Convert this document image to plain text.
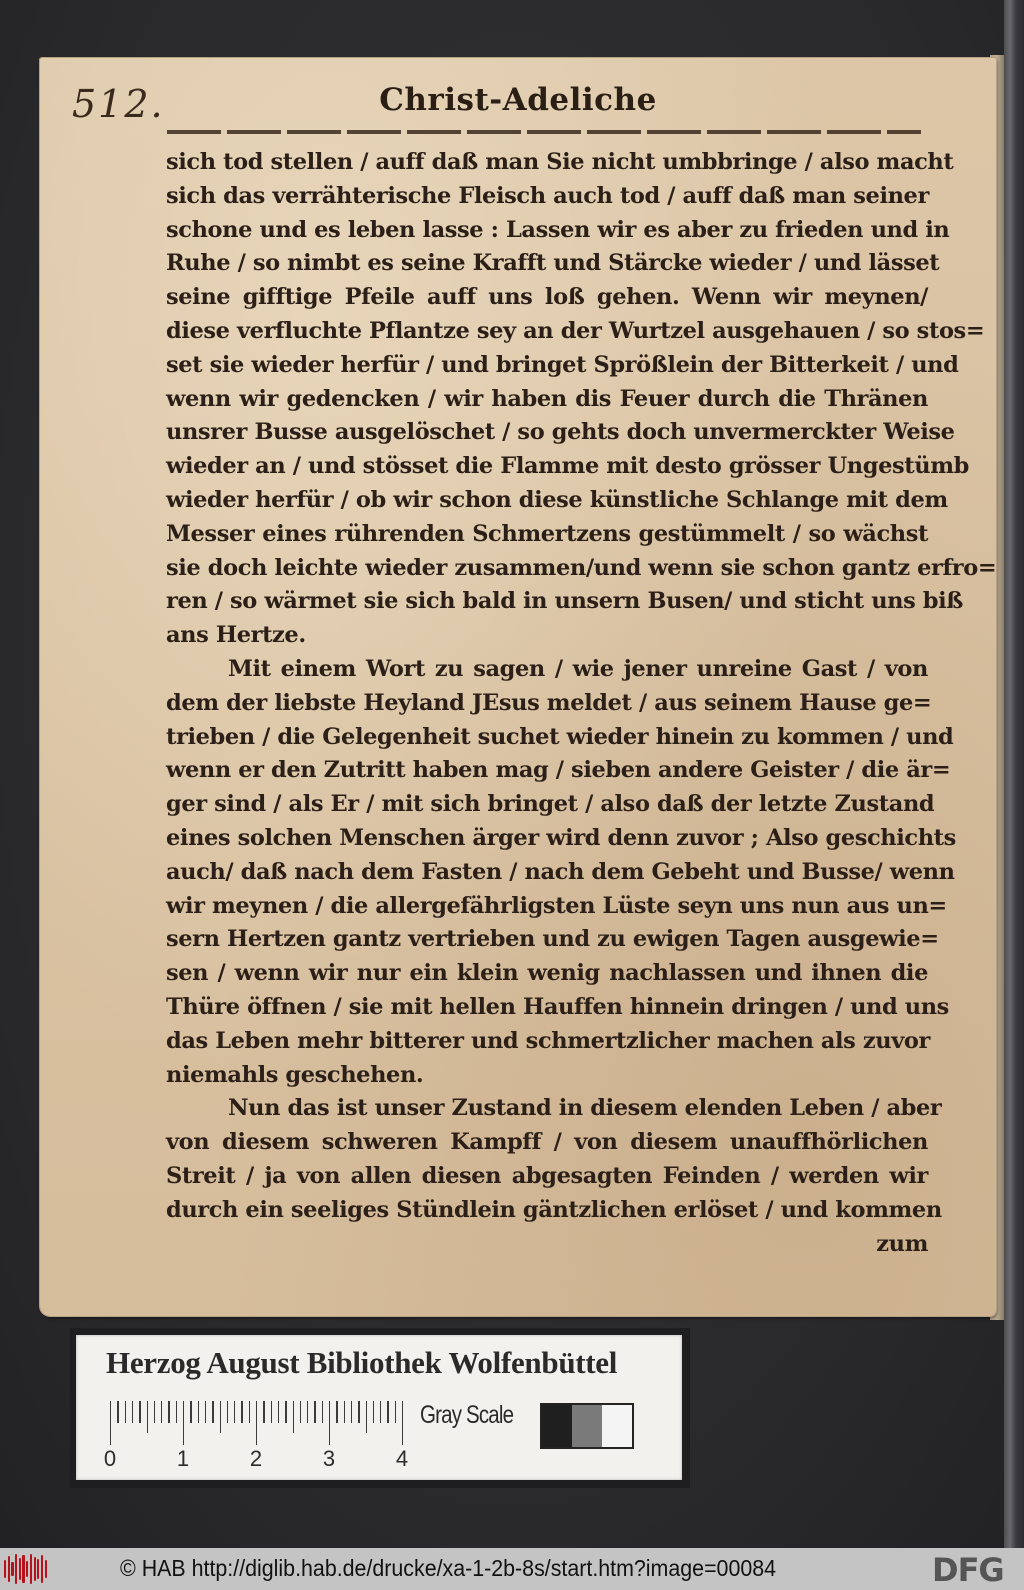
512.	Christ-Adeliche
sich tod stellen / auff daß man Sie nicht umbbringe / also macht
sich das verrähterische Fleisch auch tod / auff daß man seiner
schone und es leben lasse : Lassen wir es aber zu frieden und in
Ruhe / so nimbt es seine Krafft und Stärcke wieder / und lässet
seine gifftige Pfeile auff uns loß gehen. Wenn wir meynen/
diese verfluchte Pflantze sey an der Wurtzel ausgehauen / so stos=
set sie wieder herfür / und bringet Sprößlein der Bitterkeit / und
wenn wir gedencken / wir haben dis Feuer durch die Thränen
unsrer Busse ausgelöschet / so gehts doch unvermerckter Weise
wieder an / und stösset die Flamme mit desto grösser Ungestümb
wieder herfür / ob wir schon diese künstliche Schlange mit dem
Messer eines rührenden Schmertzens gestümmelt / so wächst
sie doch leichte wieder zusammen/und wenn sie schon gantz erfro=
ren / so wärmet sie sich bald in unsern Busen/ und sticht uns biß
ans Hertze.
Mit einem Wort zu sagen / wie jener unreine Gast / von
dem der liebste Heyland JEsus meldet / aus seinem Hause ge=
trieben / die Gelegenheit suchet wieder hinein zu kommen / und
wenn er den Zutritt haben mag / sieben andere Geister / die är=
ger sind / als Er / mit sich bringet / also daß der letzte Zustand
eines solchen Menschen ärger wird denn zuvor ; Also geschichts
auch/ daß nach dem Fasten / nach dem Gebeht und Busse/ wenn
wir meynen / die allergefährligsten Lüste seyn uns nun aus un=
sern Hertzen gantz vertrieben und zu ewigen Tagen ausgewie=
sen / wenn wir nur ein klein wenig nachlassen und ihnen die
Thüre öffnen / sie mit hellen Hauffen hinnein dringen / und uns
das Leben mehr bitterer und schmertzlicher machen als zuvor
niemahls geschehen.
Nun das ist unser Zustand in diesem elenden Leben / aber
von diesem schweren Kampff / von diesem unauffhörlichen
Streit / ja von allen diesen abgesagten Feinden / werden wir
durch ein seeliges Stündlein gäntzlichen erlöset / und kommen
zum
Herzog August Bibliothek Wolfenbüttel
0	1	2	3	4
Gray Scale
© HAB http://diglib.hab.de/drucke/xa-1-2b-8s/start.htm?image=00084	DFG
